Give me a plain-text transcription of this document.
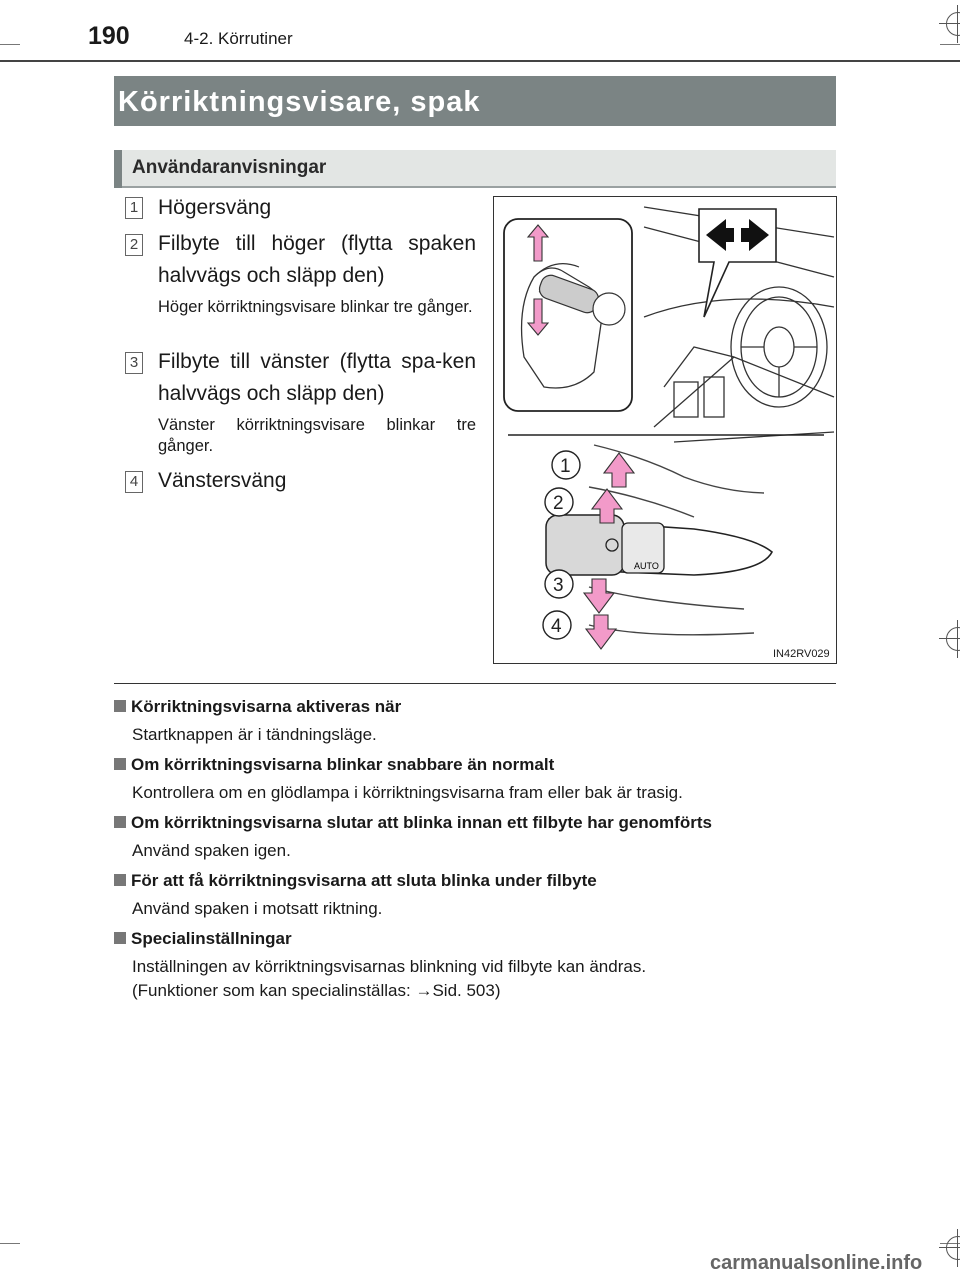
190	4-2. Körrutiner
Körriktningsvisare, spak
Användaranvisningar
1 Högersväng
2 Filbyte till höger (flytta spaken halvvägs och släpp den)
Höger körriktningsvisare blinkar tre gånger.
3 Filbyte till vänster (flytta spa-ken halvvägs och släpp den)
Vänster körriktningsvisare blinkar tre gånger.
4 Vänstersväng
AUTO
1
2
3
4
IN42RV029
Körriktningsvisarna aktiveras när
Startknappen är i tändningsläge.
Om körriktningsvisarna blinkar snabbare än normalt
Kontrollera om en glödlampa i körriktningsvisarna fram eller bak är trasig.
Om körriktningsvisarna slutar att blinka innan ett filbyte har genomförts
Använd spaken igen.
För att få körriktningsvisarna att sluta blinka under filbyte
Använd spaken i motsatt riktning.
Specialinställningar
Inställningen av körriktningsvisarnas blinkning vid filbyte kan ändras.
(Funktioner som kan specialinställas: →Sid. 503)
carmanualsonline.info
